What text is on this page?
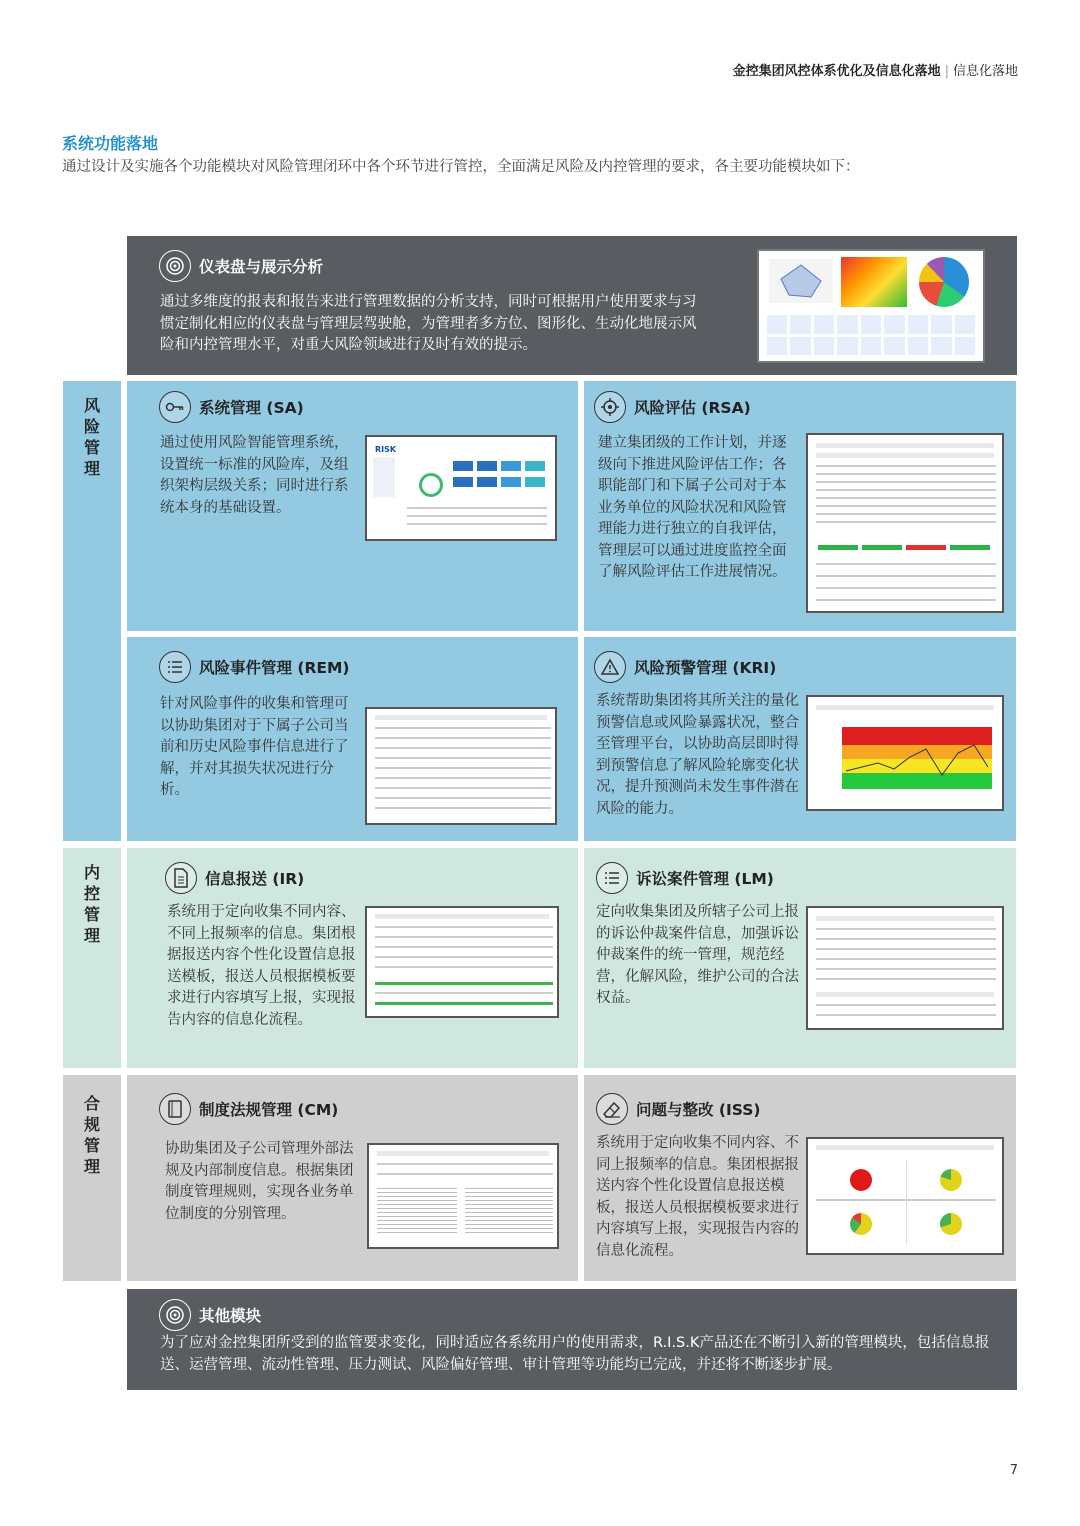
金控集团风控体系优化及信息化落地 | 信息化落地
系统功能落地
通过设计及实施各个功能模块对风险管理闭环中各个环节进行管控，全面满足风险及内控管理的要求，各主要功能模块如下：
仪表盘与展示分析
通过多维度的报表和报告来进行管理数据的分析支持，同时可根据用户使用要求与习惯定制化相应的仪表盘与管理层驾驶舱，为管理者多方位、图形化、生动化地展示风险和内控管理水平，对重大风险领域进行及时有效的提示。
风
险
管
理
内
控
管
理
合
规
管
理
系统管理 (SA)
通过使用风险智能管理系统，设置统一标准的风险库，及组织架构层级关系；同时进行系统本身的基础设置。
RISK
风险评估 (RSA)
建立集团级的工作计划，并逐级向下推进风险评估工作；各职能部门和下属子公司对于本业务单位的风险状况和风险管理能力进行独立的自我评估，管理层可以通过进度监控全面了解风险评估工作进展情况。
风险事件管理 (REM)
针对风险事件的收集和管理可以协助集团对于下属子公司当前和历史风险事件信息进行了解，并对其损失状况进行分析。
风险预警管理 (KRI)
系统帮助集团将其所关注的量化预警信息或风险暴露状况，整合至管理平台，以协助高层即时得到预警信息了解风险轮廓变化状况，提升预测尚未发生事件潜在风险的能力。
信息报送 (IR)
系统用于定向收集不同内容、不同上报频率的信息。集团根据报送内容个性化设置信息报送模板，报送人员根据模板要求进行内容填写上报，实现报告内容的信息化流程。
诉讼案件管理 (LM)
定向收集集团及所辖子公司上报的诉讼仲裁案件信息，加强诉讼仲裁案件的统一管理，规范经营，化解风险，维护公司的合法权益。
制度法规管理 (CM)
协助集团及子公司管理外部法规及内部制度信息。根据集团制度管理规则，实现各业务单位制度的分别管理。
问题与整改 (ISS)
系统用于定向收集不同内容、不同上报频率的信息。集团根据报送内容个性化设置信息报送模板，报送人员根据模板要求进行内容填写上报，实现报告内容的信息化流程。
其他模块
为了应对金控集团所受到的监管要求变化，同时适应各系统用户的使用需求，R.I.S.K产品还在不断引入新的管理模块，包括信息报送、运营管理、流动性管理、压力测试、风险偏好管理、审计管理等功能均已完成，并还将不断逐步扩展。
7
